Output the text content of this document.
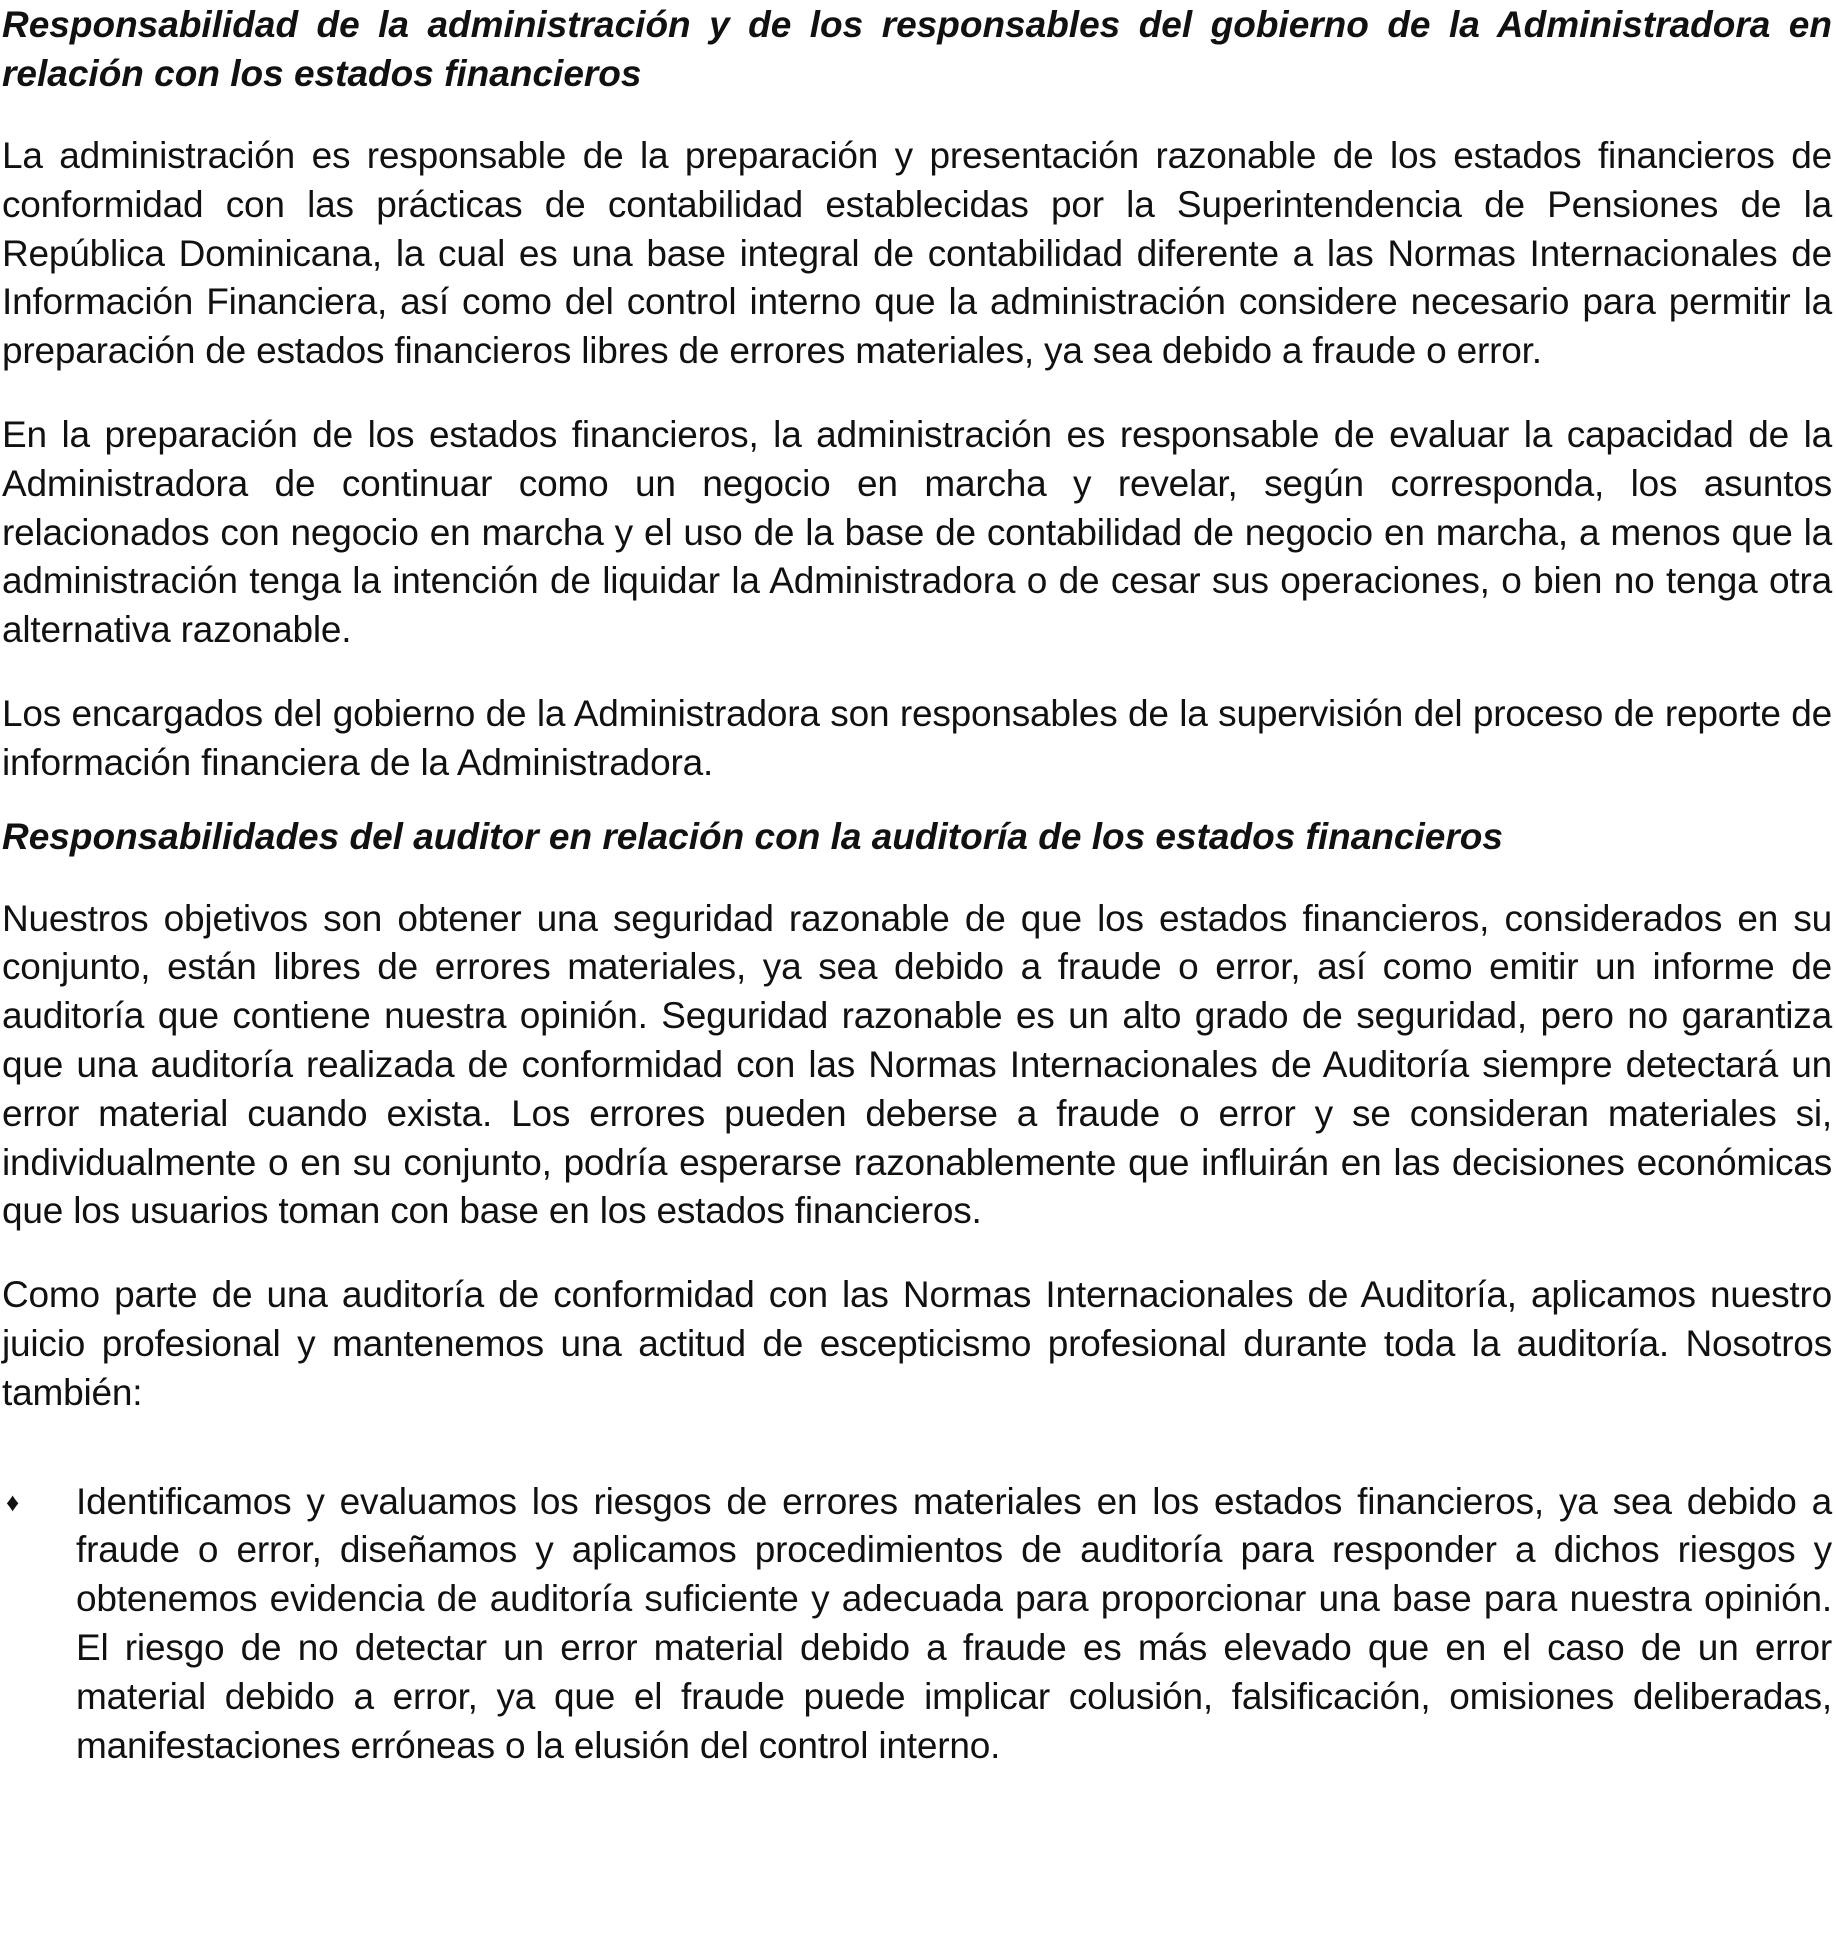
Responsabilidad de la administración y de los responsables del gobierno de la Administradora en relación con los estados financieros

La administración es responsable de la preparación y presentación razonable de los estados financieros de conformidad con las prácticas de contabilidad establecidas por la Superintendencia de Pensiones de la República Dominicana, la cual es una base integral de contabilidad diferente a las Normas Internacionales de Información Financiera, así como del control interno que la administración considere necesario para permitir la preparación de estados financieros libres de errores materiales, ya sea debido a fraude o error.

En la preparación de los estados financieros, la administración es responsable de evaluar la capacidad de la Administradora de continuar como un negocio en marcha y revelar, según corresponda, los asuntos relacionados con negocio en marcha y el uso de la base de contabilidad de negocio en marcha, a menos que la administración tenga la intención de liquidar la Administradora o de cesar sus operaciones, o bien no tenga otra alternativa razonable.

Los encargados del gobierno de la Administradora son responsables de la supervisión del proceso de reporte de información financiera de la Administradora.

Responsabilidades del auditor en relación con la auditoría de los estados financieros

Nuestros objetivos son obtener una seguridad razonable de que los estados financieros, considerados en su conjunto, están libres de errores materiales, ya sea debido a fraude o error, así como emitir un informe de auditoría que contiene nuestra opinión. Seguridad razonable es un alto grado de seguridad, pero no garantiza que una auditoría realizada de conformidad con las Normas Internacionales de Auditoría siempre detectará un error material cuando exista. Los errores pueden deberse a fraude o error y se consideran materiales si, individualmente o en su conjunto, podría esperarse razonablemente que influirán en las decisiones económicas que los usuarios toman con base en los estados financieros.

Como parte de una auditoría de conformidad con las Normas Internacionales de Auditoría, aplicamos nuestro juicio profesional y mantenemos una actitud de escepticismo profesional durante toda la auditoría. Nosotros también:

♦	Identificamos y evaluamos los riesgos de errores materiales en los estados financieros, ya sea debido a fraude o error, diseñamos y aplicamos procedimientos de auditoría para responder a dichos riesgos y obtenemos evidencia de auditoría suficiente y adecuada para proporcionar una base para nuestra opinión. El riesgo de no detectar un error material debido a fraude es más elevado que en el caso de un error material debido a error, ya que el fraude puede implicar colusión, falsificación, omisiones deliberadas, manifestaciones erróneas o la elusión del control interno.
